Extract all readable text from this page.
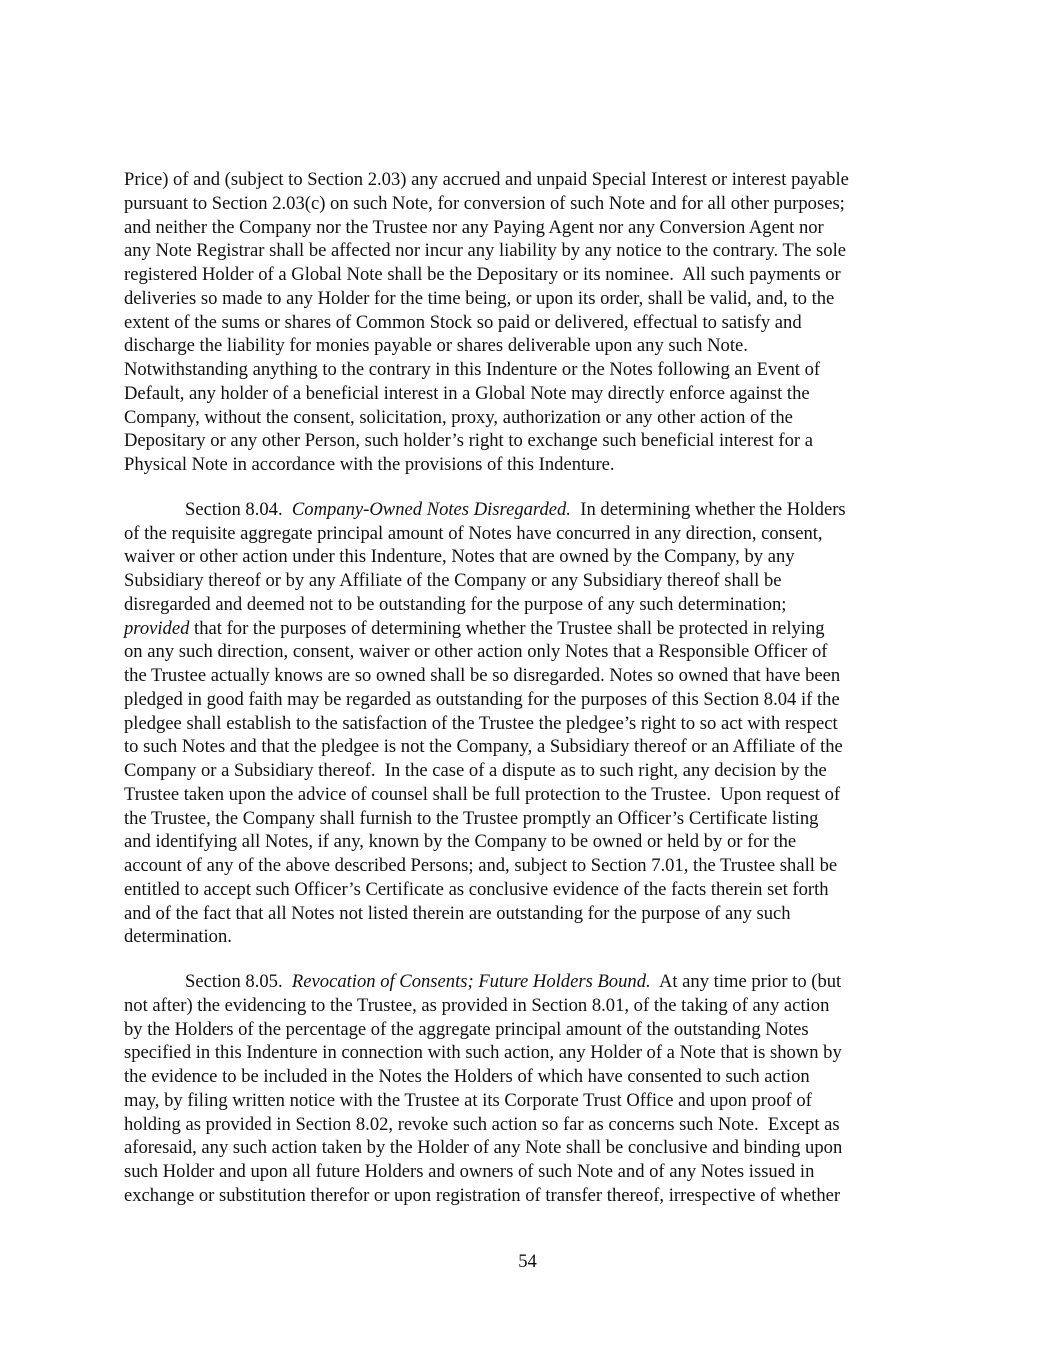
Price) of and (subject to Section 2.03) any accrued and unpaid Special Interest or interest payable
pursuant to Section 2.03(c) on such Note, for conversion of such Note and for all other purposes;
and neither the Company nor the Trustee nor any Paying Agent nor any Conversion Agent nor
any Note Registrar shall be affected nor incur any liability by any notice to the contrary. The sole
registered Holder of a Global Note shall be the Depositary or its nominee.  All such payments or
deliveries so made to any Holder for the time being, or upon its order, shall be valid, and, to the
extent of the sums or shares of Common Stock so paid or delivered, effectual to satisfy and
discharge the liability for monies payable or shares deliverable upon any such Note.
Notwithstanding anything to the contrary in this Indenture or the Notes following an Event of
Default, any holder of a beneficial interest in a Global Note may directly enforce against the
Company, without the consent, solicitation, proxy, authorization or any other action of the
Depositary or any other Person, such holder’s right to exchange such beneficial interest for a
Physical Note in accordance with the provisions of this Indenture.
Section 8.04. Company-Owned Notes Disregarded. In determining whether the Holders
of the requisite aggregate principal amount of Notes have concurred in any direction, consent,
waiver or other action under this Indenture, Notes that are owned by the Company, by any
Subsidiary thereof or by any Affiliate of the Company or any Subsidiary thereof shall be
disregarded and deemed not to be outstanding for the purpose of any such determination;
provided that for the purposes of determining whether the Trustee shall be protected in relying
on any such direction, consent, waiver or other action only Notes that a Responsible Officer of
the Trustee actually knows are so owned shall be so disregarded. Notes so owned that have been
pledged in good faith may be regarded as outstanding for the purposes of this Section 8.04 if the
pledgee shall establish to the satisfaction of the Trustee the pledgee’s right to so act with respect
to such Notes and that the pledgee is not the Company, a Subsidiary thereof or an Affiliate of the
Company or a Subsidiary thereof.  In the case of a dispute as to such right, any decision by the
Trustee taken upon the advice of counsel shall be full protection to the Trustee.  Upon request of
the Trustee, the Company shall furnish to the Trustee promptly an Officer’s Certificate listing
and identifying all Notes, if any, known by the Company to be owned or held by or for the
account of any of the above described Persons; and, subject to Section 7.01, the Trustee shall be
entitled to accept such Officer’s Certificate as conclusive evidence of the facts therein set forth
and of the fact that all Notes not listed therein are outstanding for the purpose of any such
determination.
Section 8.05. Revocation of Consents; Future Holders Bound. At any time prior to (but
not after) the evidencing to the Trustee, as provided in Section 8.01, of the taking of any action
by the Holders of the percentage of the aggregate principal amount of the outstanding Notes
specified in this Indenture in connection with such action, any Holder of a Note that is shown by
the evidence to be included in the Notes the Holders of which have consented to such action
may, by filing written notice with the Trustee at its Corporate Trust Office and upon proof of
holding as provided in Section 8.02, revoke such action so far as concerns such Note.  Except as
aforesaid, any such action taken by the Holder of any Note shall be conclusive and binding upon
such Holder and upon all future Holders and owners of such Note and of any Notes issued in
exchange or substitution therefor or upon registration of transfer thereof, irrespective of whether
54
